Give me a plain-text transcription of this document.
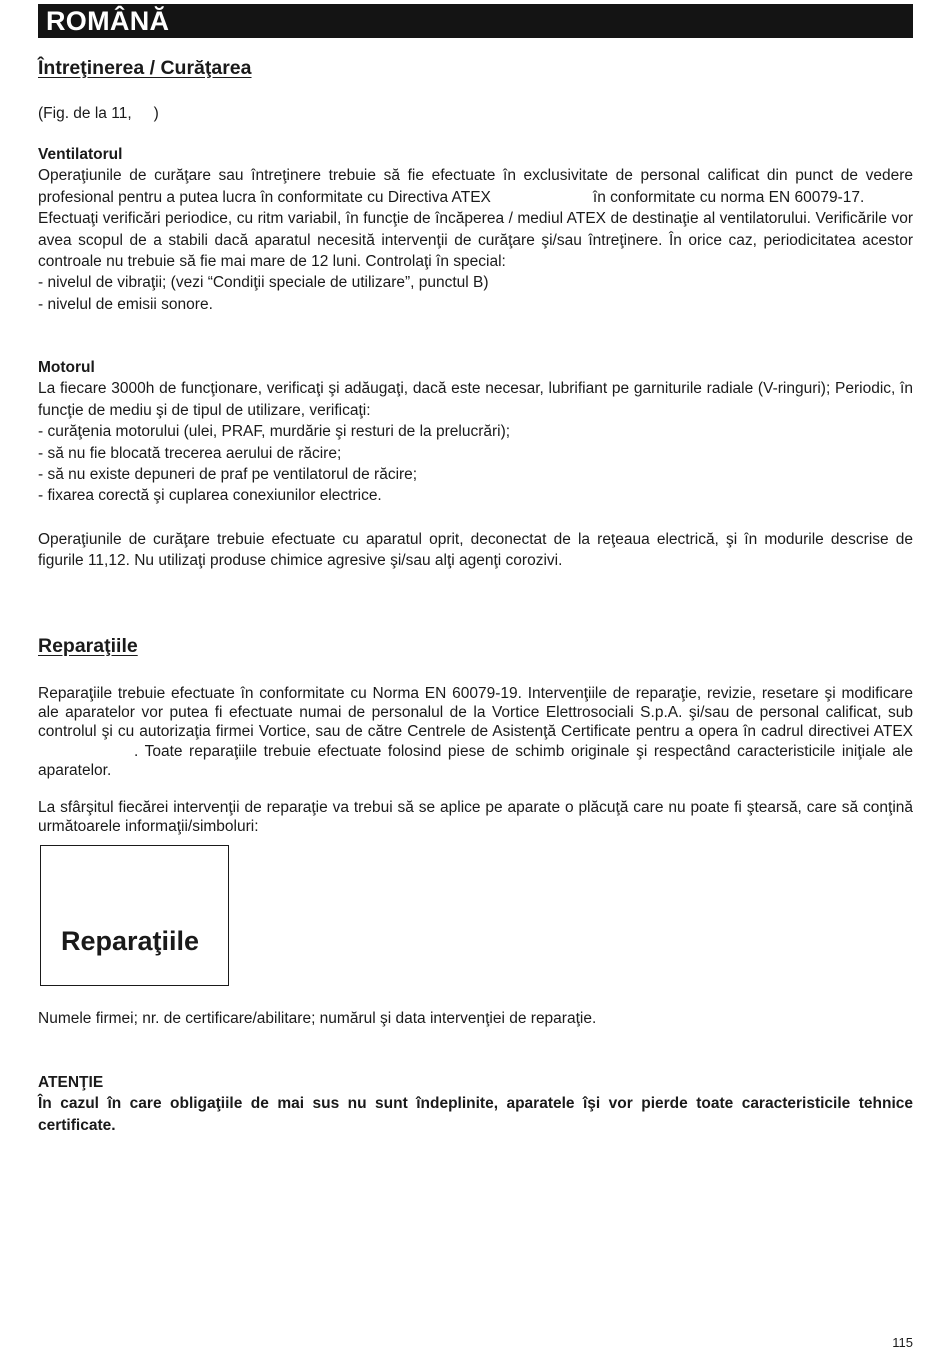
ROMÂNĂ
Întreţinerea / Curăţarea

(Fig. de la 11, )

Ventilatorul
Operaţiunile de curăţare sau întreţinere trebuie să fie efectuate în exclusivitate de personal calificat din punct de vedere profesional pentru a putea lucra în conformitate cu Directiva ATEX	în conformitate cu norma EN 60079-17.
Efectuaţi verificări periodice, cu ritm variabil, în funcţie de încăperea / mediul ATEX de destinaţie al ventilatorului. Verificările vor avea scopul de a stabili dacă aparatul necesită intervenţii de curăţare şi/sau întreţinere. În orice caz, periodicitatea acestor controale nu trebuie să fie mai mare de 12 luni. Controlaţi în special:
- nivelul de vibraţii; (vezi “Condiţii speciale de utilizare”, punctul B)
- nivelul de emisii sonore.
Motorul
La fiecare 3000h de funcţionare, verificaţi şi adăugaţi, dacă este necesar, lubrifiant pe garniturile radiale (V-ringuri); Periodic, în funcţie de mediu şi de tipul de utilizare, verificaţi:
- curăţenia motorului (ulei, PRAF, murdărie şi resturi de la prelucrări);
- să nu fie blocată trecerea aerului de răcire;
- să nu existe depuneri de praf pe ventilatorul de răcire;
- fixarea corectă şi cuplarea conexiunilor electrice.

Operaţiunile de curăţare trebuie efectuate cu aparatul oprit, deconectat de la reţeaua electrică, şi în modurile descrise de figurile 11,12. Nu utilizaţi produse chimice agresive şi/sau alţi agenţi corozivi.

Reparaţiile

Reparaţiile trebuie efectuate în conformitate cu Norma EN 60079-19. Intervenţiile de reparaţie, revizie, resetare şi modificare ale aparatelor vor putea fi efectuate numai de personalul de la Vortice Elettrosociali S.p.A. şi/sau de personal calificat, sub controlul şi cu autorizaţia firmei Vortice, sau de către Centrele de Asistenţă Certificate pentru a opera în cadrul directivei ATEX. Toate reparaţiile trebuie efectuate folosind piese de schimb originale şi respectând caracteristicile iniţiale ale aparatelor.

La sfârşitul fiecărei intervenţii de reparaţie va trebui să se aplice pe aparate o plăcuţă care nu poate fi ştearsă, care să conţină următoarele informaţii/simboluri:

Reparaţiile

Numele firmei; nr. de certificare/abilitare; numărul şi data intervenţiei de reparaţie.

ATENŢIE
În cazul în care obligaţiile de mai sus nu sunt îndeplinite, aparatele îşi vor pierde toate caracteristicile tehnice certificate.
115
